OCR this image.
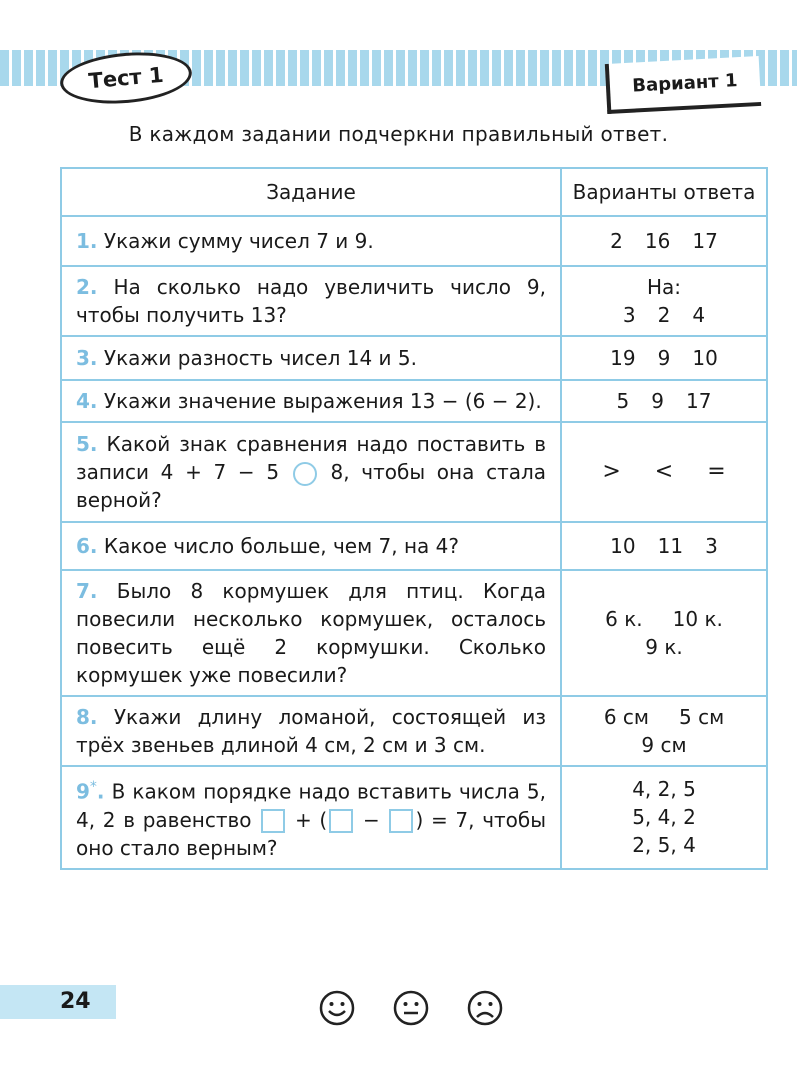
Тест 1	Вариант 1
В каждом задании подчеркни правильный ответ.
Задание	Варианты ответа
1. Укажи сумму чисел 7 и 9.	2 16 17

2. На сколько надо увеличить число 9, чтобы получить 13?	На:
3 2 4

3. Укажи разность чисел 14 и 5.	19 9 10

4. Укажи значение выражения 13 − (6 − 2).	5 9 17

5. Какой знак сравнения надо поставить в записи 4 + 7 − 5 8, чтобы она стала верной?	> < =

6. Какое число больше, чем 7, на 4?	10 11 3

7. Было 8 кормушек для птиц. Когда повесили несколько кормушек, осталось повесить ещё 2 кормушки. Сколько кормушек уже повесили?	6 к. 10 к.
9 к.

8. Укажи длину ломаной, состоящей из трёх звеньев длиной 4 см, 2 см и 3 см.	6 см 5 см
9 см

9*. В каком порядке надо вставить числа 5, 4, 2 в равенство + ( − ) = 7, чтобы оно стало верным?	4, 2, 5
5, 4, 2
2, 5, 4
24
